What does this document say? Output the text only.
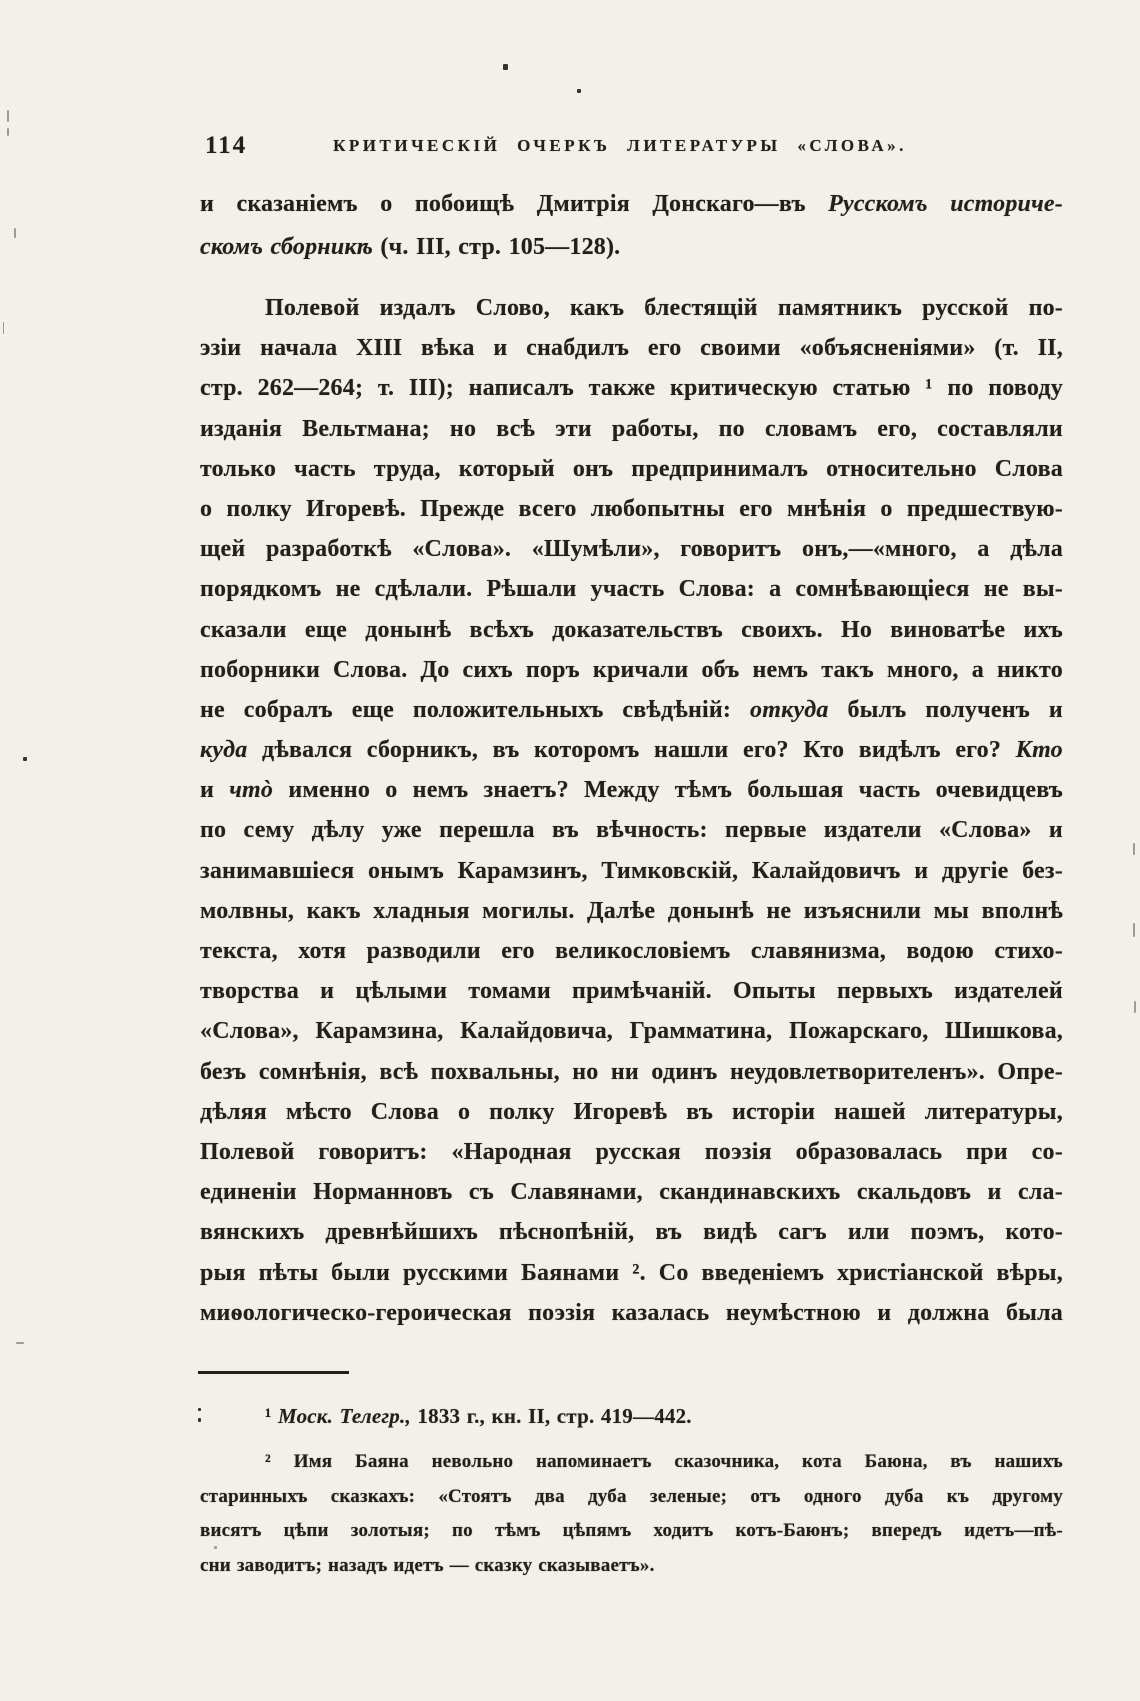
114	КРИТИЧЕСКІЙ ОЧЕРКЪ ЛИТЕРАТУРЫ «СЛОВА».
и сказаніемъ о побоищѣ Дмитрія Донскаго—въ Русскомъ историче-
скомъ сборникѣ (ч. III, стр. 105—128).
Полевой издалъ Слово, какъ блестящій памятникъ русской по-
эзіи начала XIII вѣка и снабдилъ его своими «объясненіями» (т. II,
стр. 262—264; т. III); написалъ также критическую статью ¹ по поводу
изданія Вельтмана; но всѣ эти работы, по словамъ его, составляли
только часть труда, который онъ предпринималъ относительно Слова
о полку Игоревѣ. Прежде всего любопытны его мнѣнія о предшествую-
щей разработкѣ «Слова». «Шумѣли», говоритъ онъ,—«много, а дѣла
порядкомъ не сдѣлали. Рѣшали участь Слова: а сомнѣвающіеся не вы-
сказали еще донынѣ всѣхъ доказательствъ своихъ. Но виноватѣе ихъ
поборники Слова. До сихъ поръ кричали объ немъ такъ много, а никто
не собралъ еще положительныхъ свѣдѣній: откуда былъ полученъ и
куда дѣвался сборникъ, въ которомъ нашли его? Кто видѣлъ его? Кто
и чтò именно о немъ знаетъ? Между тѣмъ большая часть очевидцевъ
по сему дѣлу уже перешла въ вѣчность: первые издатели «Слова» и
занимавшіеся онымъ Карамзинъ, Тимковскій, Калайдовичъ и другіе без-
молвны, какъ хладныя могилы. Далѣе донынѣ не изъяснили мы вполнѣ
текста, хотя разводили его великословіемъ славянизма, водою стихо-
творства и цѣлыми томами примѣчаній. Опыты первыхъ издателей
«Слова», Карамзина, Калайдовича, Грамматина, Пожарскаго, Шишкова,
безъ сомнѣнія, всѣ похвальны, но ни одинъ неудовлетворителенъ». Опре-
дѣляя мѣсто Слова о полку Игоревѣ въ исторіи нашей литературы,
Полевой говоритъ: «Народная русская поэзія образовалась при со-
единеніи Норманновъ съ Славянами, скандинавскихъ скальдовъ и сла-
вянскихъ древнѣйшихъ пѣснопѣній, въ видѣ сагъ или поэмъ, кото-
рыя пѣты были русскими Баянами ². Со введеніемъ христіанской вѣры,
миѳологическо-героическая поэзія казалась неумѣстною и должна была
¹ Моск. Телегр., 1833 г., кн. II, стр. 419—442.
² Имя Баяна невольно напоминаетъ сказочника, кота Баюна, въ нашихъ
старинныхъ сказкахъ: «Стоятъ два дуба зеленые; отъ одного дуба къ другому
висятъ цѣпи золотыя; по тѣмъ цѣпямъ ходитъ котъ-Баюнъ; впередъ идетъ—пѣ-
сни заводитъ; назадъ идетъ — сказку сказываетъ».
